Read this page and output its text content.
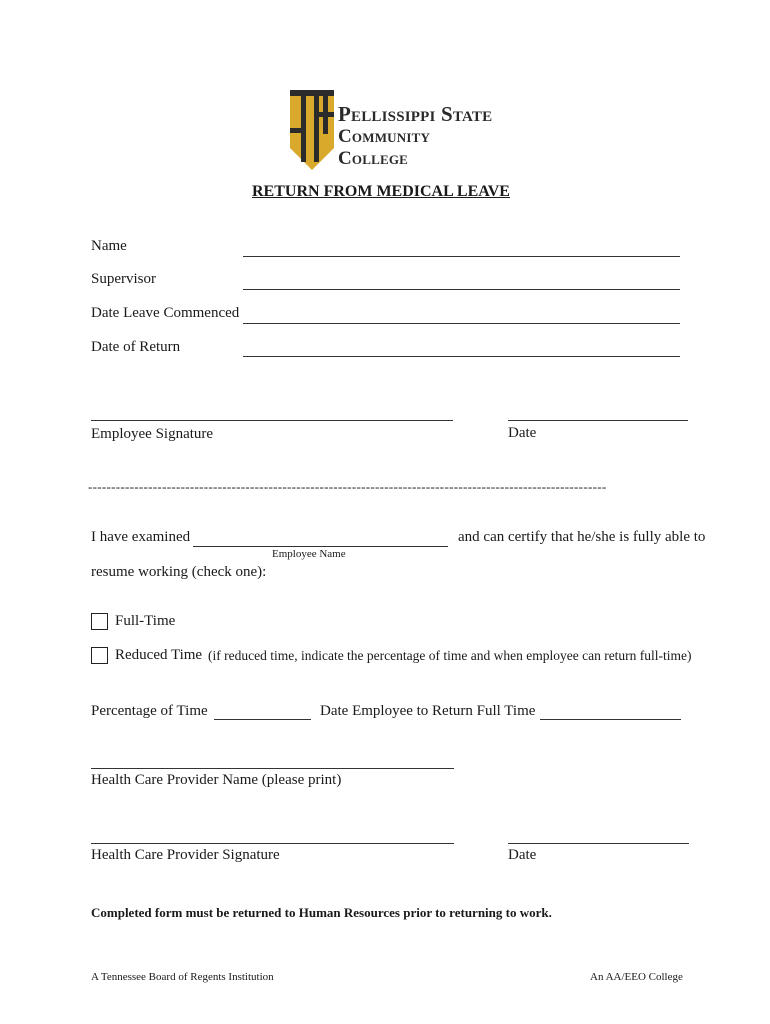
Pellissippi State
Community College
RETURN FROM MEDICAL LEAVE
Name
Supervisor
Date Leave Commenced
Date of Return
Employee Signature	Date
----------------------------------------------------------------------------------------------------------------
I have examined
Employee Name
and can certify that he/she is fully able to
resume working (check one):
Full-Time
Reduced Time (if reduced time, indicate the percentage of time and when employee can return full-time)
Percentage of Time	Date Employee to Return Full Time
Health Care Provider Name (please print)
Health Care Provider Signature	Date
Completed form must be returned to Human Resources prior to returning to work.
A Tennessee Board of Regents Institution	An AA/EEO College
